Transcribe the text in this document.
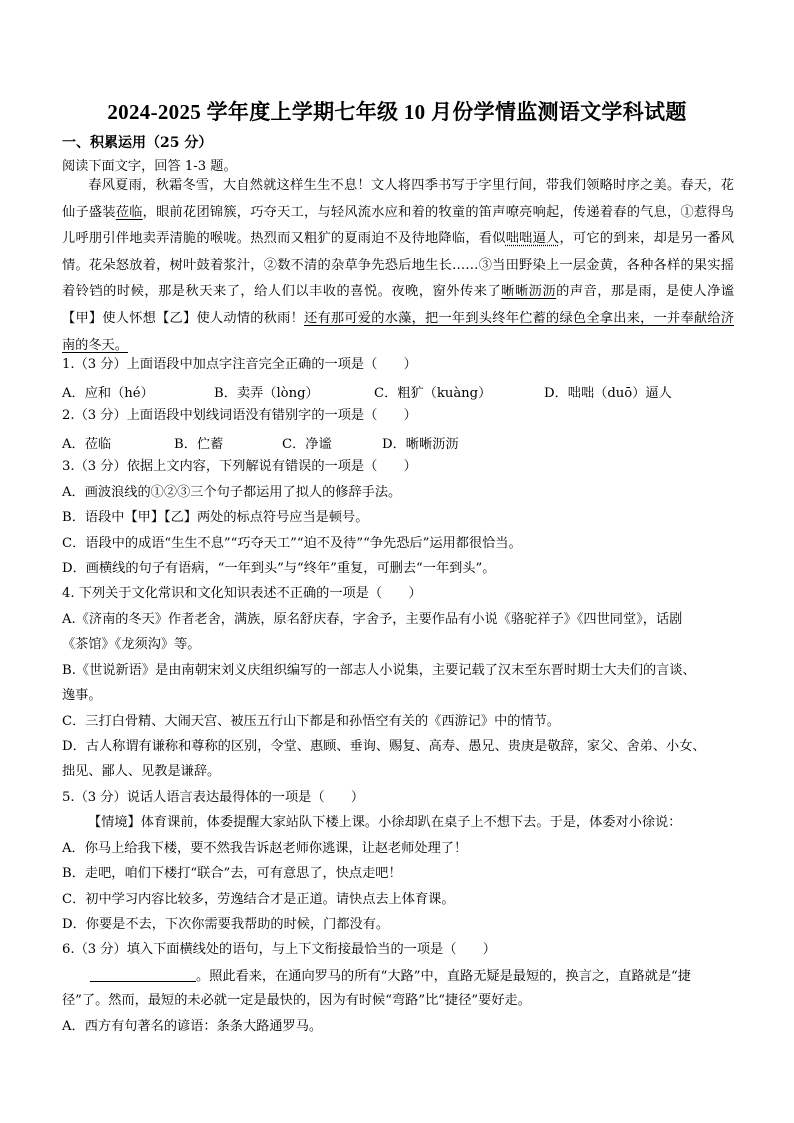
2024-2025 学年度上学期七年级 10 月份学情监测语文学科试题
一、积累运用（25 分）
阅读下面文字，回答 1-3 题。
春风夏雨，秋霜冬雪，大自然就这样生生不息！文人将四季书写于字里行间，带我们领略时序之美。春天，花仙子盛装莅临，眼前花团锦簇，巧夺天工，与轻风流水应和着的牧童的笛声嘹亮响起，传递着春的气息，①惹得鸟儿呼朋引伴地卖弄清脆的喉咙。热烈而又粗犷的夏雨迫不及待地降临，看似咄咄逼人，可它的到来，却是另一番风情。花朵怒放着，树叶鼓着浆汁，②数不清的杂草争先恐后地生长……③当田野染上一层金黄，各种各样的果实摇着铃铛的时候，那是秋天来了，给人们以丰收的喜悦。夜晚，窗外传来了晰晰沥沥的声音，那是雨，是使人净谧【甲】使人怀想【乙】使人动情的秋雨！还有那可爱的水藻，把一年到头终年伫蓄的绿色全拿出来，一并奉献给济南的冬天。
1.（3 分）上面语段中加点字注音完全正确的一项是（　　）
A．应和（hé）	B．卖弄（lòng）	C．粗犷（kuàng）	D．咄咄（duō）逼人
2.（3 分）上面语段中划线词语没有错别字的一项是（　　）
A．莅临	B．伫蓄	C．净谧	D．晰晰沥沥
3.（3 分）依据上文内容，下列解说有错误的一项是（　　）
A．画波浪线的①②③三个句子都运用了拟人的修辞手法。
B．语段中【甲】【乙】两处的标点符号应当是顿号。
C．语段中的成语“生生不息”“巧夺天工”“迫不及待”“争先恐后”运用都很恰当。
D．画横线的句子有语病，“一年到头”与“终年”重复，可删去“一年到头”。
4. 下列关于文化常识和文化知识表述不正确的一项是（　　）
A.《济南的冬天》作者老舍，满族，原名舒庆春，字舍予，主要作品有小说《骆驼祥子》《四世同堂》，话剧
《茶馆》《龙须沟》等。
B.《世说新语》是由南朝宋刘义庆组织编写的一部志人小说集，主要记载了汉末至东晋时期士大夫们的言谈、
逸事。
C．三打白骨精、大闹天宫、被压五行山下都是和孙悟空有关的《西游记》中的情节。
D．古人称谓有谦称和尊称的区别，令堂、惠顾、垂询、赐复、高寿、愚兄、贵庚是敬辞，家父、舍弟、小女、
拙见、鄙人、见教是谦辞。
5.（3 分）说话人语言表达最得体的一项是（　　）
【情境】体育课前，体委提醒大家站队下楼上课。小徐却趴在桌子上不想下去。于是，体委对小徐说：
A．你马上给我下楼，要不然我告诉赵老师你逃课，让赵老师处理了！
B．走吧，咱们下楼打“联合”去，可有意思了，快点走吧！
C．初中学习内容比较多，劳逸结合才是正道。请快点去上体育课。
D．你要是不去，下次你需要我帮助的时候，门都没有。
6.（3 分）填入下面横线处的语句，与上下文衔接最恰当的一项是（　　）
。照此看来，在通向罗马的所有“大路”中，直路无疑是最短的，换言之，直路就是“捷
径”了。然而，最短的未必就一定是最快的，因为有时候“弯路”比“捷径”要好走。
A．西方有句著名的谚语：条条大路通罗马。
